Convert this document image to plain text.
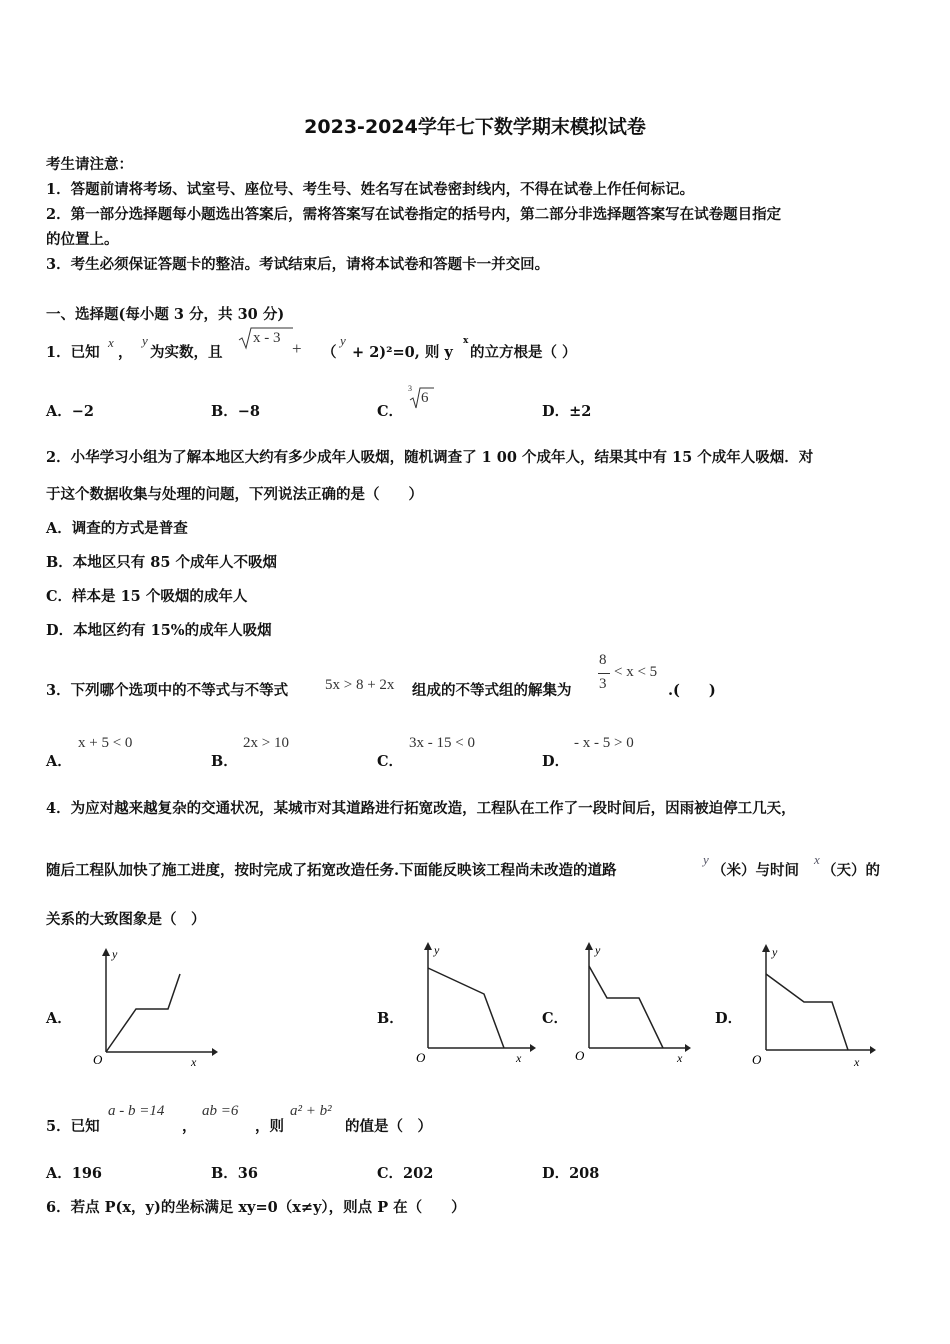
2023-2024学年七下数学期末模拟试卷
考生请注意：
1．答题前请将考场、试室号、座位号、考生号、姓名写在试卷密封线内，不得在试卷上作任何标记。
2．第一部分选择题每小题选出答案后，需将答案写在试卷指定的括号内，第二部分非选择题答案写在试卷题目指定
的位置上。
3．考生必须保证答题卡的整洁。考试结束后，请将本试卷和答题卡一并交回。
一、选择题(每小题 3 分，共 30 分)
1．已知
x
，
y
为实数，且
x - 3
+ （
y
+ 2)²=0, 则 y
x
的立方根是（ ）
A．−2	B．−8	C．
3
6
D．±2
2．小华学习小组为了解本地区大约有多少成年人吸烟，随机调查了 1 00 个成年人，结果其中有 15 个成年人吸烟．对
于这个数据收集与处理的问题，下列说法正确的是（　　）
A．调查的方式是普查
B．本地区只有 85 个成年人不吸烟
C．样本是 15 个吸烟的成年人
D．本地区约有 15%的成年人吸烟
3．下列哪个选项中的不等式与不等式 5x > 8 + 2x 组成的不等式组的解集为
8
3
< x < 5
.(　　)
A．
x + 5 < 0
B．
2x > 10
C．
3x - 15 < 0
D．
- x - 5 > 0
4．为应对越来越复杂的交通状况，某城市对其道路进行拓宽改造，工程队在工作了一段时间后，因雨被迫停工几天，
随后工程队加快了施工进度，按时完成了拓宽改造任务.下面能反映该工程尚未改造的道路
y
（米）与时间
x
（天）的
关系的大致图象是（　）
A．
y
x
O
B．
y
x
O
C．
y
x
O
D．
y
x
O
5．已知
a - b =14
，
ab =6
，则
a² + b²
的值是（　）
A．196	B．36	C．202	D．208
6．若点 P(x，y)的坐标满足 xy=0（x≠y），则点 P 在（　　）
